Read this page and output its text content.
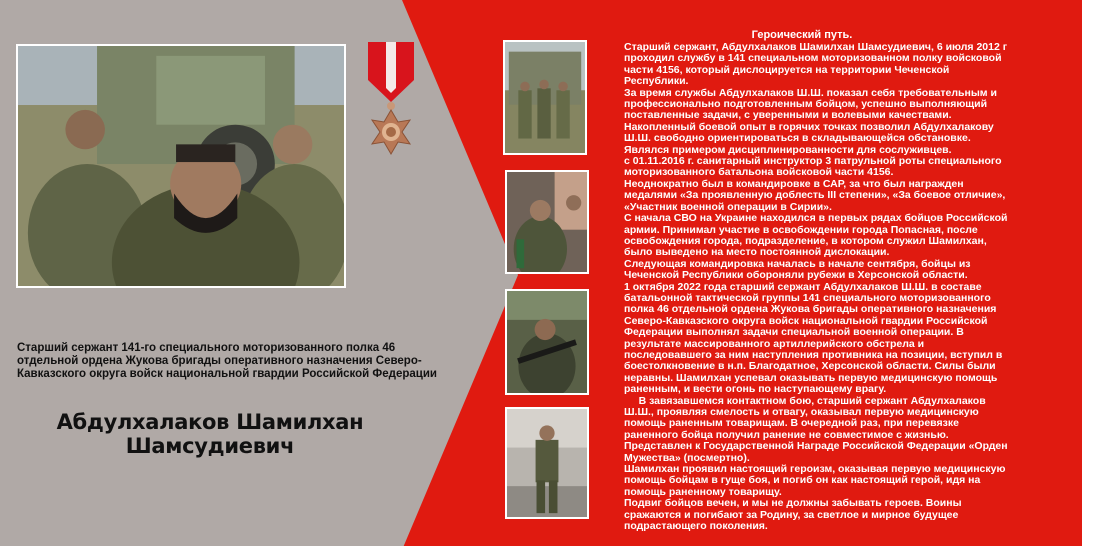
Старший сержант 141-го специального моторизованного полка 46 отдельной ордена Жукова бригады оперативного назначения Северо-Кавказского округа войск национальной гвардии Российской Федерации
Абдулхалаков Шамилхан
Шамсудиевич
Героический путь.

Старший сержант, Абдулхалаков Шамилхан Шамсудиевич, 6 июля 2012 г проходил службу в 141 специальном моторизованном полку войсковой части 4156, который дислоцируется на территории Чеченской Республики.

За время службы Абдулхалаков Ш.Ш. показал себя требовательным и профессионально подготовленным бойцом, успешно выполняющий поставленные задачи, с уверенными и волевыми качествами.

Накопленный боевой опыт в горячих точках позволил Абдулхалакову Ш.Ш. свободно ориентироваться в складывающейся обстановке.

Являлся примером дисциплинированности для сослуживцев.

с 01.11.2016 г. санитарный инструктор 3 патрульной роты специального моторизованного батальона войсковой части 4156.

Неоднократно был в командировке в САР, за что был награжден медалями «За проявленную доблесть III степени», «За боевое отличие», «Участник военной операции в Сирии».

С начала СВО на Украине находился в первых рядах бойцов Российской армии. Принимал участие в освобождении города Попасная, после освобождения города, подразделение, в котором служил Шамилхан, было выведено на место постоянной дислокации.

Следующая командировка началась в начале сентября, бойцы из Чеченской Республики обороняли рубежи в Херсонской области.

1 октября 2022 года старший сержант Абдулхалаков Ш.Ш. в составе батальонной тактической группы 141 специального моторизованного полка 46 отдельной ордена Жукова бригады оперативного назначения Северо-Кавказского округа войск национальной гвардии Российской Федерации выполнял задачи специальной военной операции. В результате массированного артиллерийского обстрела и последовавшего за ним наступления противника на позиции, вступил в боестолкновение в н.п. Благодатное, Херсонской области. Силы были неравны. Шамилхан успевал оказывать первую медицинскую помощь раненным, и вести огонь по наступающему врагу.

В завязавшемся контактном бою, старший сержант Абдулхалаков Ш.Ш., проявляя смелость и отвагу, оказывал первую медицинскую помощь раненным товарищам. В очередной раз, при перевязке раненного бойца получил ранение не совместимое с жизнью.

Представлен к Государственной Награде Российской Федерации «Орден Мужества» (посмертно).

Шамилхан проявил настоящий героизм, оказывая первую медицинскую помощь бойцам в гуще боя, и погиб он как настоящий герой, идя на помощь раненному товарищу.

Подвиг бойцов вечен, и мы не должны забывать героев. Воины сражаются и погибают за Родину, за светлое и мирное будущее подрастающего поколения.
